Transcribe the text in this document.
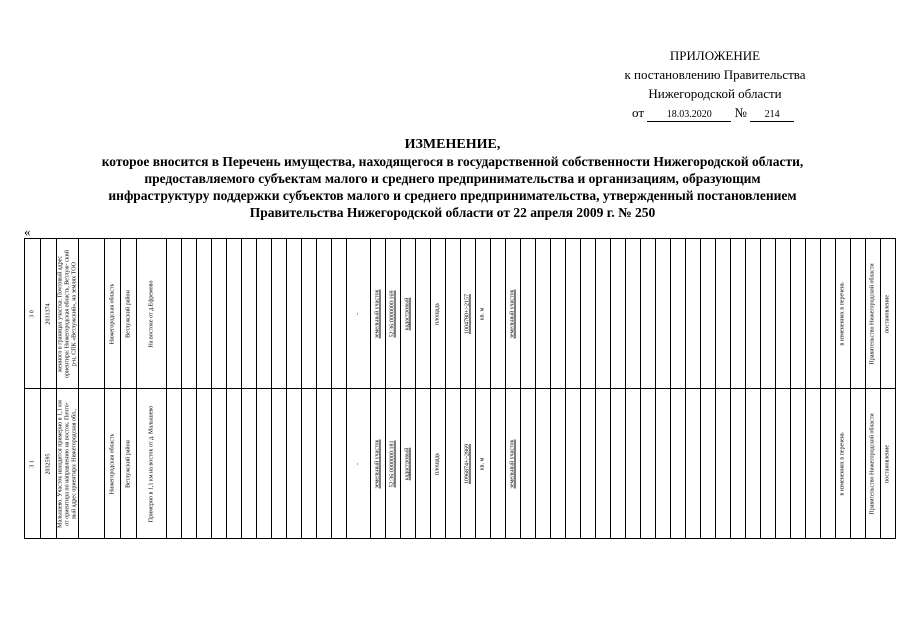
ПРИЛОЖЕНИЕ
к постановлению Правительства
Нижегородской области
от 18.03.2020 № 214
ИЗМЕНЕНИЕ,
которое вносится в Перечень имущества, находящегося в государственной собственности Нижегородской области,
предоставляемого субъектам малого и среднего предпринимательства и организациям, образующим
инфраструктуру поддержки субъектов малого и среднего предпринимательства, утвержденный постановлением
Правительства Нижегородской области от 22 апреля 2009 г. № 250
«
3 0	2031374	женного в границах участка. Почтовый адрес ориентира: Нижегородская область, Ветлуж- ский р-н, СПК «Ветлужский», на землях ТОО		Нижегородская область	Ветлужский район	На востоке от д.Ефремово													-	земельный участок	52:36:0000000:169	кадастровый		площадь		1004780+/-2157	кв. м		земельный участок																						в изменениях в перечень		Правительство Нижегородской области	постановление

3 1	2032595	Малышево. Участок находится примерно в 1,1 км от ориентира по направлению на восток. Почто- вый адрес ориентира: Нижегородская обл.,		Нижегородская область	Ветлужский район	Примерно в 1,1 км на восток от д. Малышево													-	земельный участок	52:36:0000000:181	кадастровый		площадь		1096874+/-2869	кв. м		земельный участок																						в изменениях в перечень		Правительство Нижегородской области	постановление
